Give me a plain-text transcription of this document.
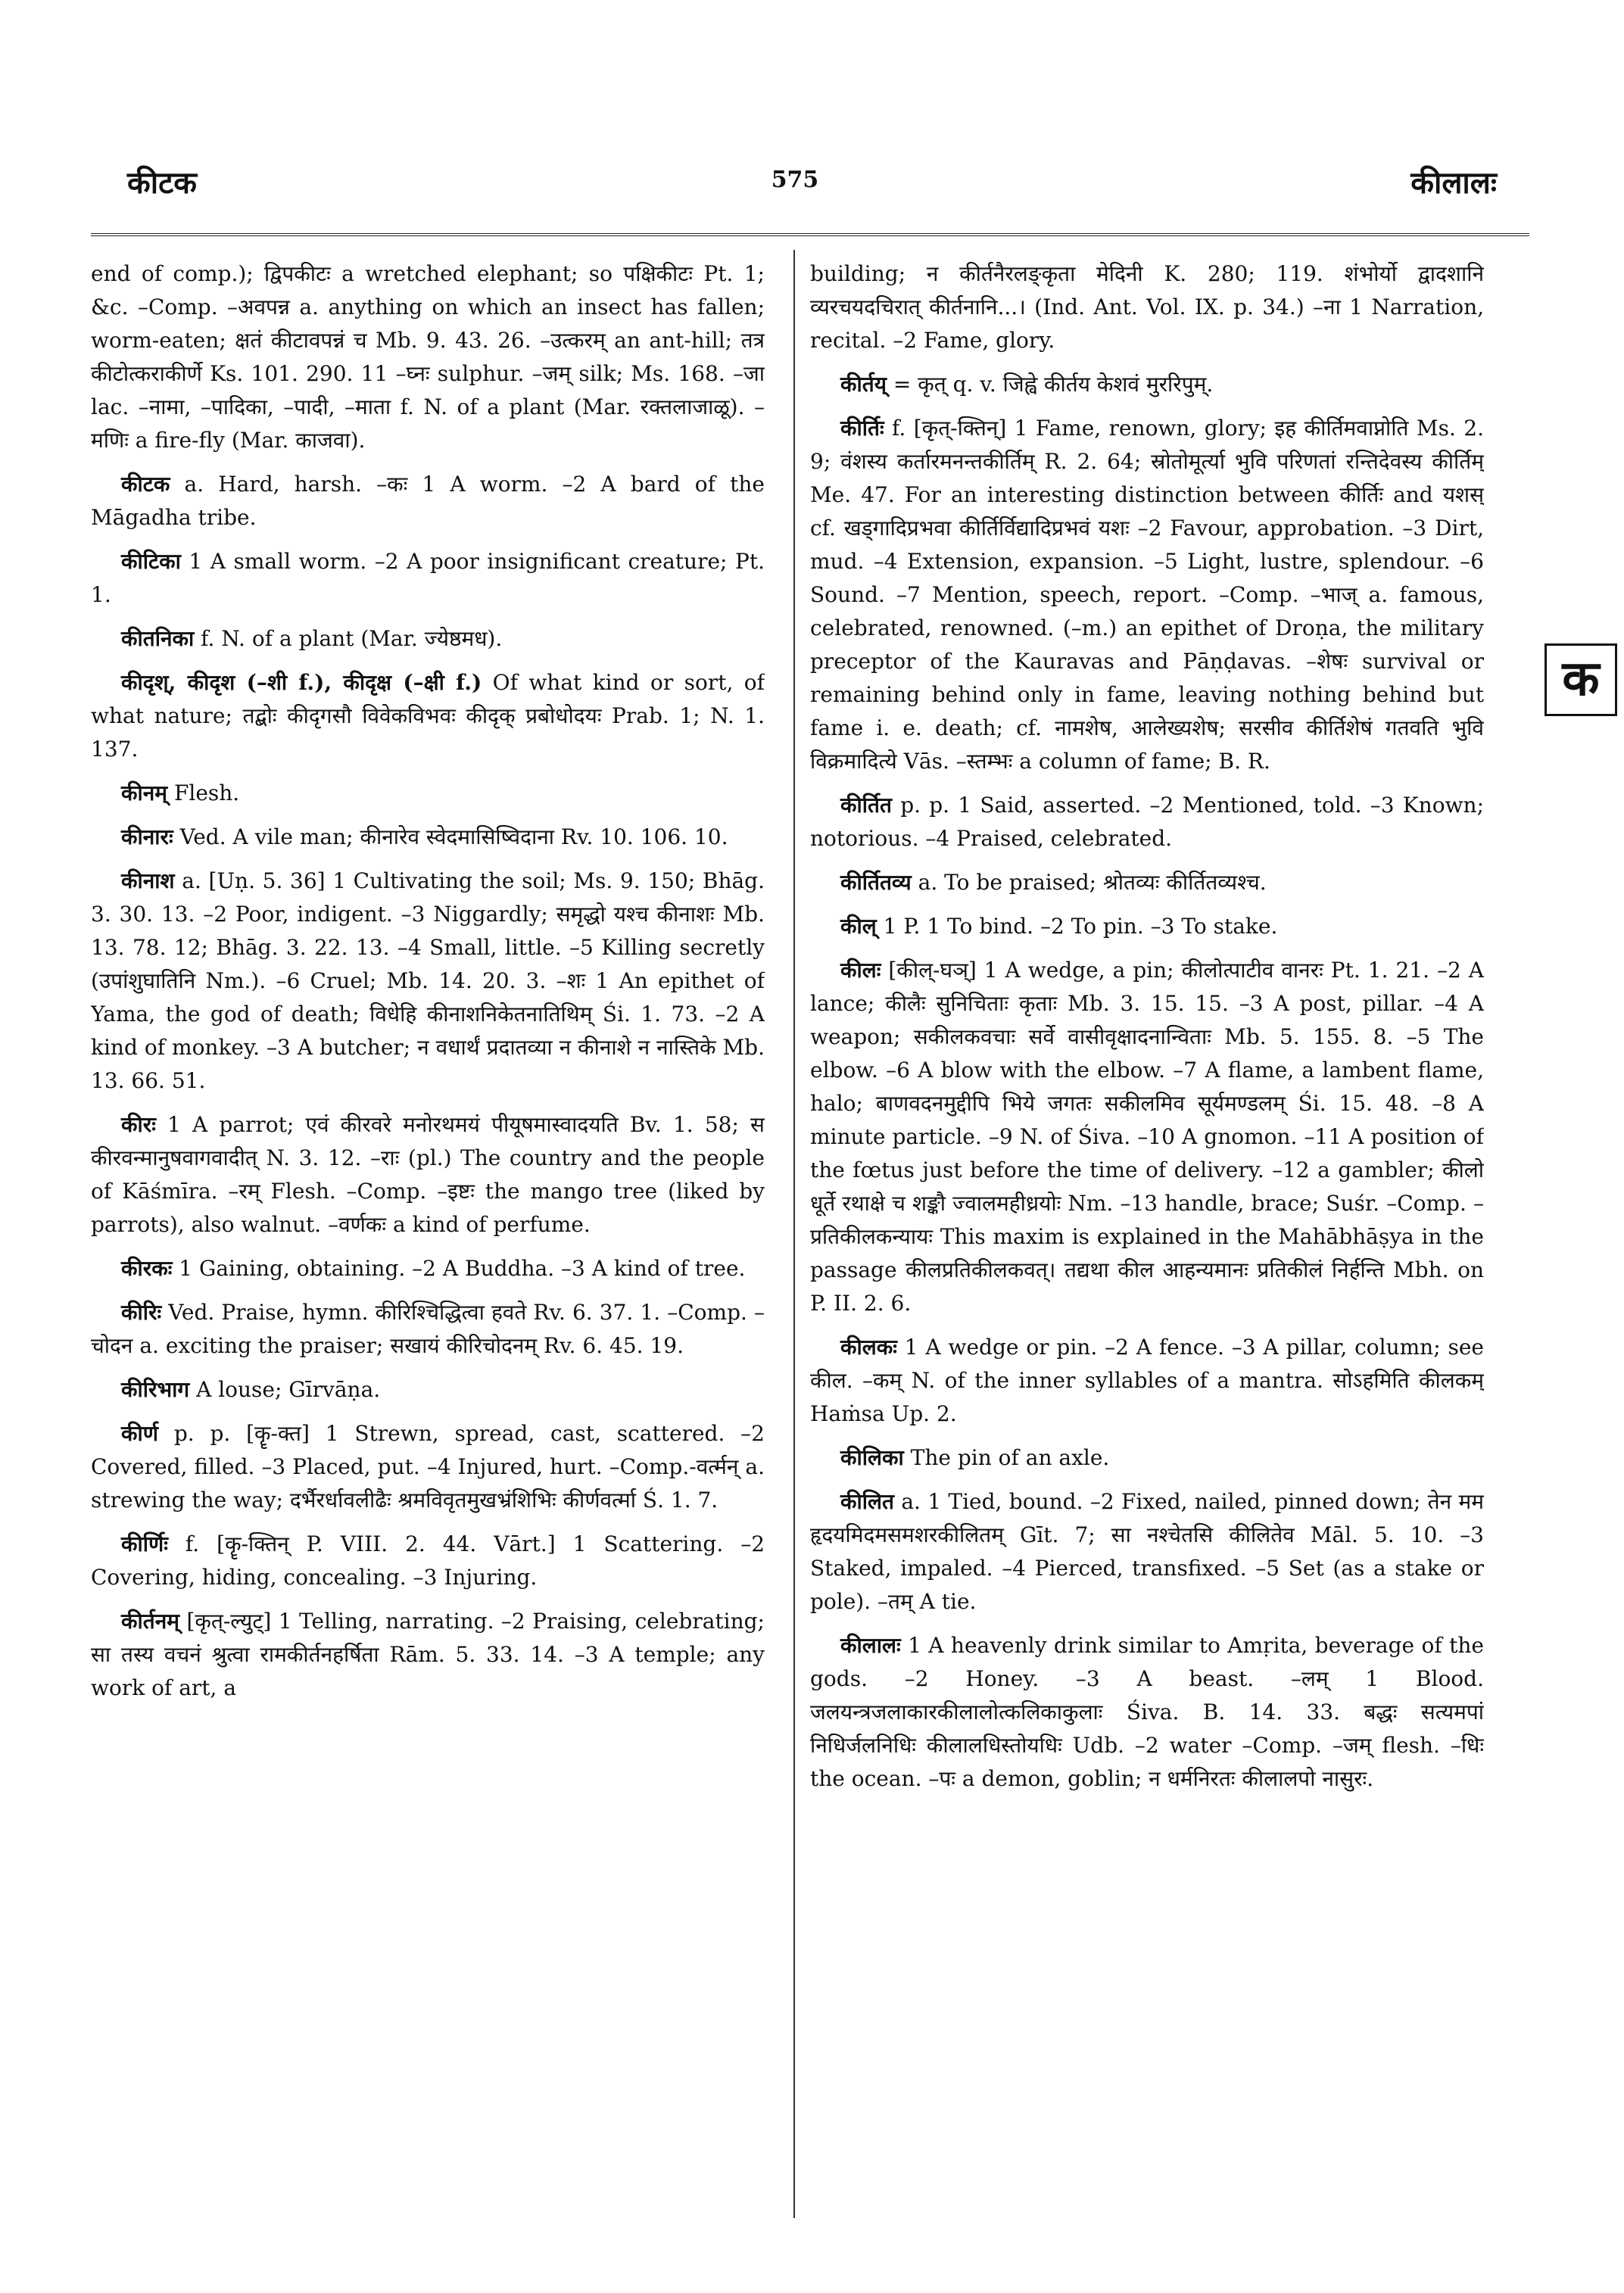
कीटक	575	कीलालः

end of comp.); द्विपकीटः a wretched elephant; so पक्षिकीटः Pt. 1; &c. –Comp. –अवपन्न a. anything on which an insect has fallen; worm-eaten; क्षतं कीटावपन्नं च Mb. 9. 43. 26. –उत्करम् an ant-hill; तत्र कीटोत्कराकीर्णे Ks. 101. 290. 11 –घ्नः sulphur. –जम् silk; Ms. 168. –जा lac. –नामा, –पादिका, –पादी, –माता f. N. of a plant (Mar. रक्तलाजाळू). –मणिः a fire-fly (Mar. काजवा).

कीटक a. Hard, harsh. –कः 1 A worm. –2 A bard of the Māgadha tribe.

कीटिका 1 A small worm. –2 A poor insignificant creature; Pt. 1.

कीतनिका f. N. of a plant (Mar. ज्येष्ठमध).

कीदृश्, कीदृश (–शी f.), कीदृक्ष (–क्षी f.) Of what kind or sort, of what nature; तद्बोः कीदृगसौ विवेकविभवः कीदृक् प्रबोधोदयः Prab. 1; N. 1. 137.

कीनम् Flesh.

कीनारः Ved. A vile man; कीनारेव स्वेदमासिष्विदाना Rv. 10. 106. 10.

कीनाश a. [Uṇ. 5. 36] 1 Cultivating the soil; Ms. 9. 150; Bhāg. 3. 30. 13. –2 Poor, indigent. –3 Niggardly; समृद्धो यश्च कीनाशः Mb. 13. 78. 12; Bhāg. 3. 22. 13. –4 Small, little. –5 Killing secretly (उपांशुघातिनि Nm.). –6 Cruel; Mb. 14. 20. 3. –शः 1 An epithet of Yama, the god of death; विधेहि कीनाशनिकेतनातिथिम् Śi. 1. 73. –2 A kind of monkey. –3 A butcher; न वधार्थं प्रदातव्या न कीनाशे न नास्तिके Mb. 13. 66. 51.

कीरः 1 A parrot; एवं कीरवरे मनोरथमयं पीयूषमास्वादयति Bv. 1. 58; स कीरवन्मानुषवागवादीत् N. 3. 12. –राः (pl.) The country and the people of Kāśmīra. –रम् Flesh. –Comp. –इष्टः the mango tree (liked by parrots), also walnut. –वर्णकः a kind of perfume.

कीरकः 1 Gaining, obtaining. –2 A Buddha. –3 A kind of tree.

कीरिः Ved. Praise, hymn. कीरिश्चिद्धित्वा हवते Rv. 6. 37. 1. –Comp. –चोदन a. exciting the praiser; सखायं कीरिचोदनम् Rv. 6. 45. 19.

कीरिभाग A louse; Gīrvāṇa.

कीर्ण p. p. [कॄ-क्त] 1 Strewn, spread, cast, scattered. –2 Covered, filled. –3 Placed, put. –4 Injured, hurt. –Comp.-वर्त्मन् a. strewing the way; दर्भैरर्धावलीढैः श्रमविवृतमुखभ्रंशिभिः कीर्णवर्त्मा Ś. 1. 7.

कीर्णिः f. [कॄ-क्तिन् P. VIII. 2. 44. Vārt.] 1 Scattering. –2 Covering, hiding, concealing. –3 Injuring.

कीर्तनम् [कृत्-ल्युट्] 1 Telling, narrating. –2 Praising, celebrating; सा तस्य वचनं श्रुत्वा रामकीर्तनहर्षिता Rām. 5. 33. 14. –3 A temple; any work of art, a

building; न कीर्तनैरलङ्कृता मेदिनी K. 280; 119. शंभोर्यो द्वादशानि व्यरचयदचिरात् कीर्तनानि...। (Ind. Ant. Vol. IX. p. 34.) –ना 1 Narration, recital. –2 Fame, glory.

कीर्तय् = कृत् q. v. जिह्वे कीर्तय केशवं मुररिपुम्.

कीर्तिः f. [कृत्-क्तिन्] 1 Fame, renown, glory; इह कीर्तिमवाप्नोति Ms. 2. 9; वंशस्य कर्तारमनन्तकीर्तिम् R. 2. 64; स्रोतोमूर्त्या भुवि परिणतां रन्तिदेवस्य कीर्तिम् Me. 47. For an interesting distinction between कीर्तिः and यशस् cf. खड्गादिप्रभवा कीर्तिर्विद्यादिप्रभवं यशः –2 Favour, approbation. –3 Dirt, mud. –4 Extension, expansion. –5 Light, lustre, splendour. –6 Sound. –7 Mention, speech, report. –Comp. –भाज् a. famous, celebrated, renowned. (–m.) an epithet of Droṇa, the military preceptor of the Kauravas and Pāṇḍavas. –शेषः survival or remaining behind only in fame, leaving nothing behind but fame i. e. death; cf. नामशेष, आलेख्यशेष; सरसीव कीर्तिशेषं गतवति भुवि विक्रमादित्ये Vās. –स्तम्भः a column of fame; B. R.

कीर्तित p. p. 1 Said, asserted. –2 Mentioned, told. –3 Known; notorious. –4 Praised, celebrated.

कीर्तितव्य a. To be praised; श्रोतव्यः कीर्तितव्यश्च.

कील् 1 P. 1 To bind. –2 To pin. –3 To stake.

कीलः [कील्-घञ्] 1 A wedge, a pin; कीलोत्पाटीव वानरः Pt. 1. 21. –2 A lance; कीलैः सुनिचिताः कृताः Mb. 3. 15. 15. –3 A post, pillar. –4 A weapon; सकीलकवचाः सर्वे वासीवृक्षादनान्विताः Mb. 5. 155. 8. –5 The elbow. –6 A blow with the elbow. –7 A flame, a lambent flame, halo; बाणवदनमुद्दीपि भिये जगतः सकीलमिव सूर्यमण्डलम् Śi. 15. 48. –8 A minute particle. –9 N. of Śiva. –10 A gnomon. –11 A position of the fœtus just before the time of delivery. –12 a gambler; कीलो धूर्ते रथाक्षे च शङ्कौ ज्वालमहीध्रयोः Nm. –13 handle, brace; Suśr. –Comp. –प्रतिकीलकन्यायः This maxim is explained in the Mahābhāṣya in the passage कीलप्रतिकीलकवत्। तद्यथा कील आहन्यमानः प्रतिकीलं निर्हन्ति Mbh. on P. II. 2. 6.

कीलकः 1 A wedge or pin. –2 A fence. –3 A pillar, column; see कील. –कम् N. of the inner syllables of a mantra. सोऽहमिति कीलकम् Haṁsa Up. 2.

कीलिका The pin of an axle.

कीलित a. 1 Tied, bound. –2 Fixed, nailed, pinned down; तेन मम हृदयमिदमसमशरकीलितम् Gīt. 7; सा नश्चेतसि कीलितेव Māl. 5. 10. –3 Staked, impaled. –4 Pierced, transfixed. –5 Set (as a stake or pole). –तम् A tie.

कीलालः 1 A heavenly drink similar to Amṛita, beverage of the gods. –2 Honey. –3 A beast. –लम् 1 Blood. जलयन्त्रजलाकारकीलालोत्कलिकाकुलाः Śiva. B. 14. 33. बद्धः सत्यमपां निधिर्जलनिधिः कीलालधिस्तोयधिः Udb. –2 water –Comp. –जम् flesh. –धिः the ocean. –पः a demon, goblin; न धर्मनिरतः कीलालपो नासुरः.

क
